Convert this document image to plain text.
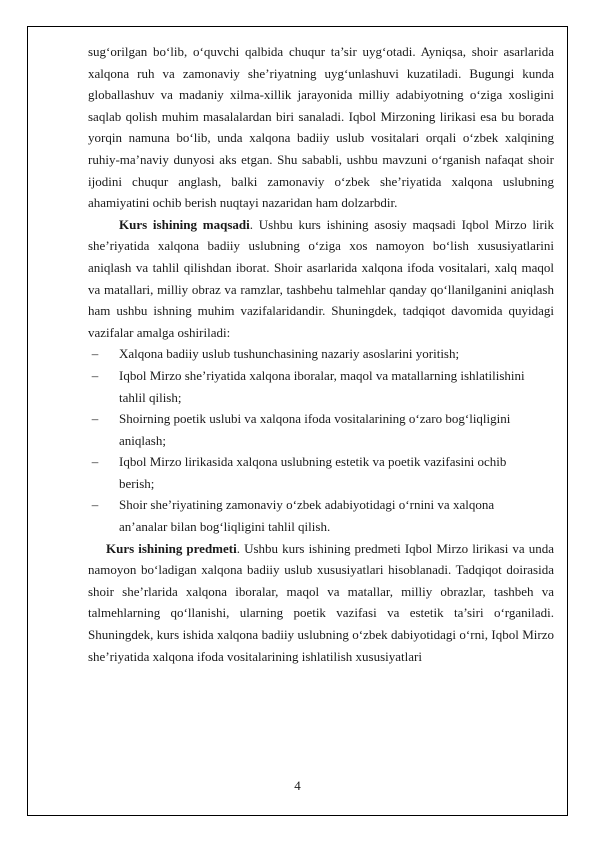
sug‘orilgan bo‘lib, o‘quvchi qalbida chuqur ta’sir uyg‘otadi. Ayniqsa, shoir asarlarida xalqona ruh va zamonaviy she’riyatning uyg‘unlashuvi kuzatiladi. Bugungi kunda globallashuv va madaniy xilma-xillik jarayonida milliy adabiyotning o‘ziga xosligini saqlab qolish muhim masalalardan biri sanaladi. Iqbol Mirzoning lirikasi esa bu borada yorqin namuna bo‘lib, unda xalqona badiiy uslub vositalari orqali o‘zbek xalqining ruhiy-ma’naviy dunyosi aks etgan. Shu sababli, ushbu mavzuni o‘rganish nafaqat shoir ijodini chuqur anglash, balki zamonaviy o‘zbek she’riyatida xalqona uslubning ahamiyatini ochib berish nuqtayi nazaridan ham dolzarbdir.

Kurs ishining maqsadi. Ushbu kurs ishining asosiy maqsadi Iqbol Mirzo lirik she’riyatida xalqona badiiy uslubning o‘ziga xos namoyon bo‘lish xususiyatlarini aniqlash va tahlil qilishdan iborat. Shoir asarlarida xalqona ifoda vositalari, xalq maqol va matallari, milliy obraz va ramzlar, tashbehu talmehlar qanday qo‘llanilganini aniqlash ham ushbu ishning muhim vazifalaridandir. Shuningdek, tadqiqot davomida quyidagi vazifalar amalga oshiriladi:

– Xalqona badiiy uslub tushunchasining nazariy asoslarini yoritish;
– Iqbol Mirzo she’riyatida xalqona iboralar, maqol va matallarning ishlatilishini tahlil qilish;
– Shoirning poetik uslubi va xalqona ifoda vositalarining o‘zaro bog‘liqligini aniqlash;
– Iqbol Mirzo lirikasida xalqona uslubning estetik va poetik vazifasini ochib berish;
– Shoir she’riyatining zamonaviy o‘zbek adabiyotidagi o‘rnini va xalqona an’analar bilan bog‘liqligini tahlil qilish.

Kurs ishining predmeti. Ushbu kurs ishining predmeti Iqbol Mirzo lirikasi va unda namoyon bo‘ladigan xalqona badiiy uslub xususiyatlari hisoblanadi. Tadqiqot doirasida shoir she’rlarida xalqona iboralar, maqol va matallar, milliy obrazlar, tashbeh va talmehlarning qo‘llanishi, ularning poetik vazifasi va estetik ta’siri o‘rganiladi. Shuningdek, kurs ishida xalqona badiiy uslubning o‘zbek dabiyotidagi o‘rni, Iqbol Mirzo she’riyatida xalqona ifoda vositalarining ishlatilish xususiyatlari

4
